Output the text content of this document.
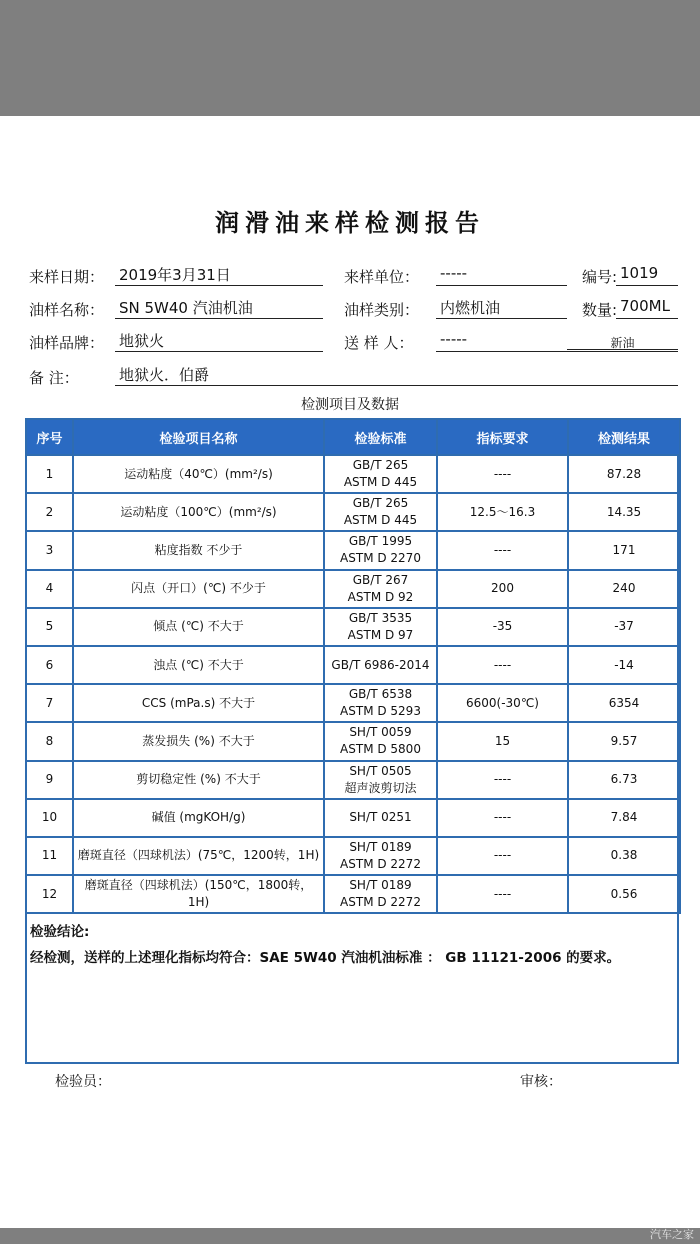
润滑油来样检测报告
来样日期： 2019年3月31日	来样单位： -----	编号: 1019
油样名称： SN 5W40 汽油机油	油样类别： 内燃机油	数量: 700ML
油样品牌： 地狱火	送 样 人： -----	新油
备 注：	地狱火．伯爵
检测项目及数据
序号	检验项目名称	检验标准	指标要求	检测结果
1	运动粘度（40℃）(mm²/s)	GB/T 265
ASTM D 445	----	87.28
2	运动粘度（100℃）(mm²/s)	GB/T 265
ASTM D 445	12.5～16.3	14.35
3	粘度指数 不少于	GB/T 1995
ASTM D 2270	----	171
4	闪点（开口）(℃) 不少于	GB/T 267
ASTM D 92	200	240
5	倾点 (℃) 不大于	GB/T 3535
ASTM D 97	-35	-37
6	浊点 (℃) 不大于	GB/T 6986-2014	----	-14
7	CCS (mPa.s) 不大于	GB/T 6538
ASTM D 5293	6600(-30℃)	6354
8	蒸发损失 (%) 不大于	SH/T 0059
ASTM D 5800	15	9.57
9	剪切稳定性 (%) 不大于	SH/T 0505
超声波剪切法	----	6.73
10	碱值 (mgKOH/g)	SH/T 0251	----	7.84
11	磨斑直径（四球机法）(75℃，1200转，1H)	SH/T 0189
ASTM D 2272	----	0.38
12	磨斑直径（四球机法）(150℃，1800转，1H)	SH/T 0189
ASTM D 2272	----	0.56
检验结论:
经检测，送样的上述理化指标均符合：SAE 5W40 汽油机油标准 ： GB 11121-2006 的要求。
检验员：	审核：
汽车之家
